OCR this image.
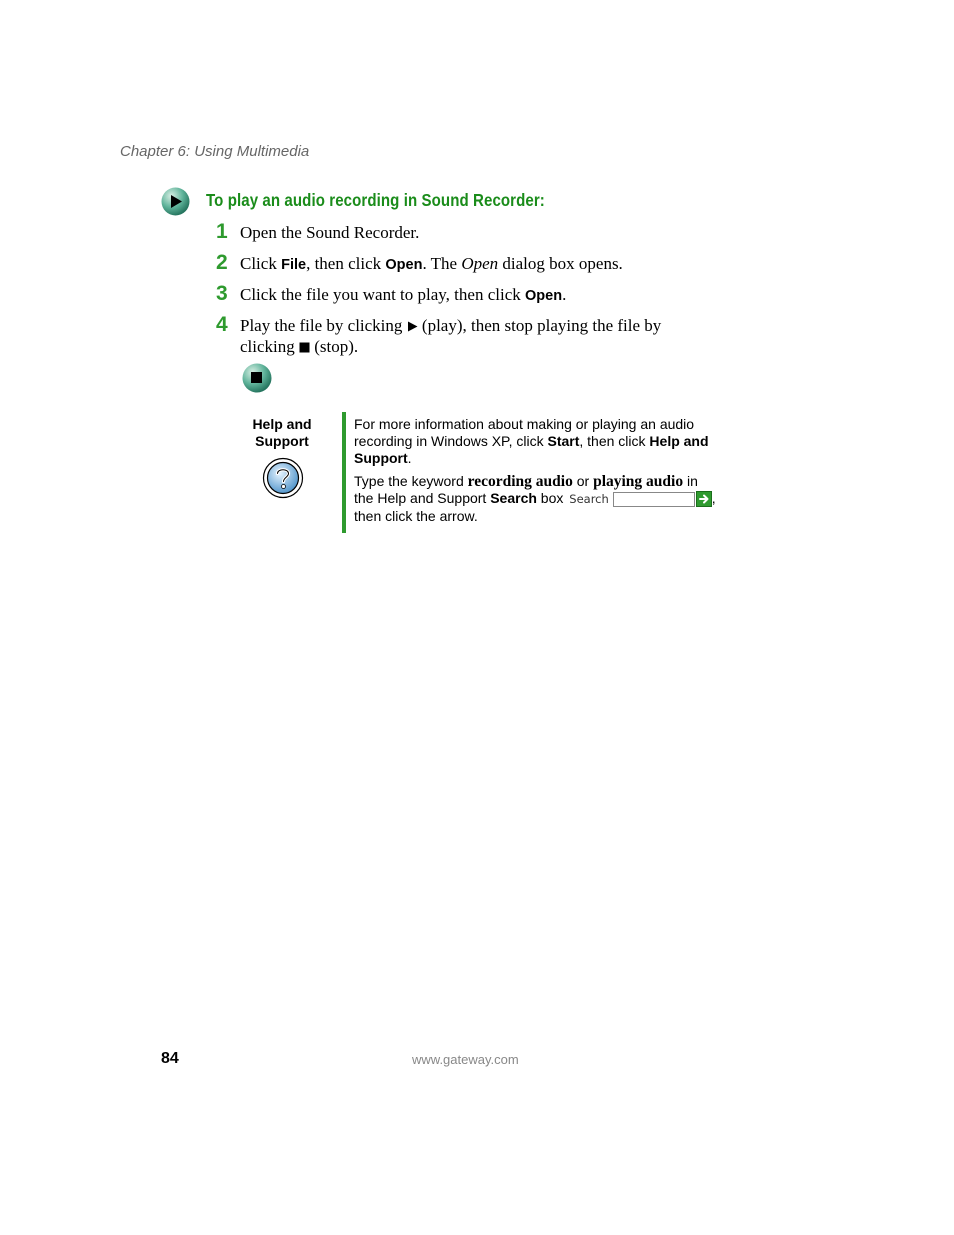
Chapter 6: Using Multimedia
To play an audio recording in Sound Recorder:
1 Open the Sound Recorder.
2 Click File, then click Open. The Open dialog box opens.
3 Click the file you want to play, then click Open.
4 Play the file by clicking  (play), then stop playing the file by clicking  (stop).
Help and
Support

For more information about making or playing an audio recording in Windows XP, click Start, then click Help and Support.

Type the keyword recording audio or playing audio in the Help and Support Search box Search	, then click the arrow.

84	www.gateway.com
